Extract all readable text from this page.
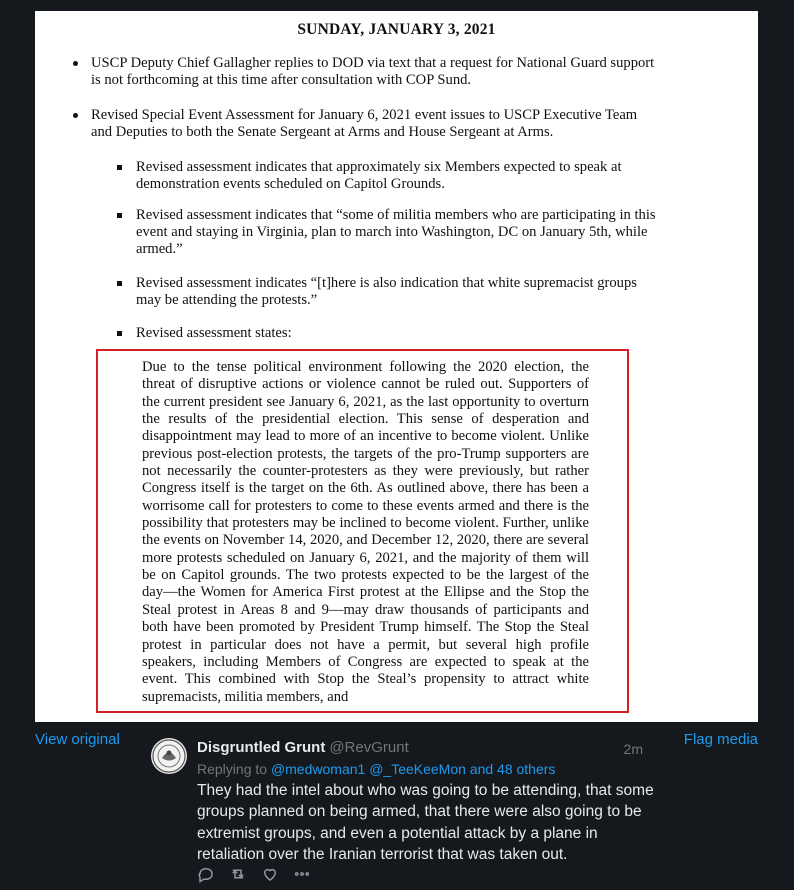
SUNDAY, JANUARY 3, 2021
USCP Deputy Chief Gallagher replies to DOD via text that a request for National Guard support is not forthcoming at this time after consultation with COP Sund.
Revised Special Event Assessment for January 6, 2021 event issues to USCP Executive Team and Deputies to both the Senate Sergeant at Arms and House Sergeant at Arms.
Revised assessment indicates that approximately six Members expected to speak at demonstration events scheduled on Capitol Grounds.
Revised assessment indicates that “some of militia members who are participating in this event and staying in Virginia, plan to march into Washington, DC on January 5th, while armed.”
Revised assessment indicates “[t]here is also indication that white supremacist groups may be attending the protests.”
Revised assessment states:
Due to the tense political environment following the 2020 election, the threat of disruptive actions or violence cannot be ruled out. Supporters of the current president see January 6, 2021, as the last opportunity to overturn the results of the presidential election. This sense of desperation and disappointment may lead to more of an incentive to become violent. Unlike previous post-election protests, the targets of the pro-Trump supporters are not necessarily the counter-protesters as they were previously, but rather Congress itself is the target on the 6th. As outlined above, there has been a worrisome call for protesters to come to these events armed and there is the possibility that protesters may be inclined to become violent. Further, unlike the events on November 14, 2020, and December 12, 2020, there are several more protests scheduled on January 6, 2021, and the majority of them will be on Capitol grounds. The two protests expected to be the largest of the day—the Women for America First protest at the Ellipse and the Stop the Steal protest in Areas 8 and 9—may draw thousands of participants and both have been promoted by President Trump himself. The Stop the Steal protest in particular does not have a permit, but several high profile speakers, including Members of Congress are expected to speak at the event. This combined with Stop the Steal’s propensity to attract white supremacists, militia members, and
View original	Flag media
Disgruntled Grunt @RevGrunt	2m
Replying to @medwoman1 @_TeeKeeMon and 48 others
They had the intel about who was going to be attending, that some groups planned on being armed, that there were also going to be extremist groups, and even a potential attack by a plane in retaliation over the Iranian terrorist that was taken out.
